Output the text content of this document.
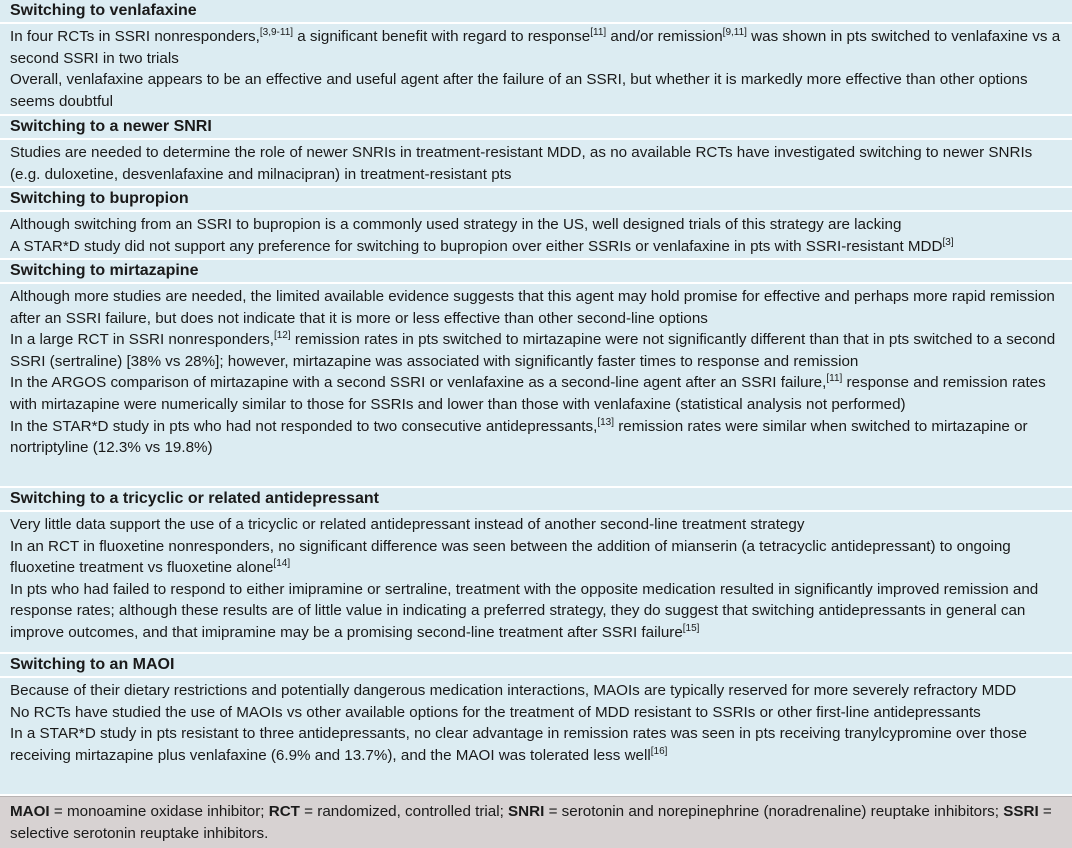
Switching to venlafaxine
In four RCTs in SSRI nonresponders,[3,9-11] a significant benefit with regard to response[11] and/or remission[9,11] was shown in pts switched to venlafaxine vs a second SSRI in two trials
Overall, venlafaxine appears to be an effective and useful agent after the failure of an SSRI, but whether it is markedly more effective than other options seems doubtful
Switching to a newer SNRI
Studies are needed to determine the role of newer SNRIs in treatment-resistant MDD, as no available RCTs have investigated switching to newer SNRIs (e.g. duloxetine, desvenlafaxine and milnacipran) in treatment-resistant pts
Switching to bupropion
Although switching from an SSRI to bupropion is a commonly used strategy in the US, well designed trials of this strategy are lacking
A STAR*D study did not support any preference for switching to bupropion over either SSRIs or venlafaxine in pts with SSRI-resistant MDD[3]
Switching to mirtazapine
Although more studies are needed, the limited available evidence suggests that this agent may hold promise for effective and perhaps more rapid remission after an SSRI failure, but does not indicate that it is more or less effective than other second-line options
In a large RCT in SSRI nonresponders,[12] remission rates in pts switched to mirtazapine were not significantly different than that in pts switched to a second SSRI (sertraline) [38% vs 28%]; however, mirtazapine was associated with significantly faster times to response and remission
In the ARGOS comparison of mirtazapine with a second SSRI or venlafaxine as a second-line agent after an SSRI failure,[11] response and remission rates with mirtazapine were numerically similar to those for SSRIs and lower than those with venlafaxine (statistical analysis not performed)
In the STAR*D study in pts who had not responded to two consecutive antidepressants,[13] remission rates were similar when switched to mirtazapine or nortriptyline (12.3% vs 19.8%)
Switching to a tricyclic or related antidepressant
Very little data support the use of a tricyclic or related antidepressant instead of another second-line treatment strategy
In an RCT in fluoxetine nonresponders, no significant difference was seen between the addition of mianserin (a tetracyclic antidepressant) to ongoing fluoxetine treatment vs fluoxetine alone[14]
In pts who had failed to respond to either imipramine or sertraline, treatment with the opposite medication resulted in significantly improved remission and response rates; although these results are of little value in indicating a preferred strategy, they do suggest that switching antidepressants in general can improve outcomes, and that imipramine may be a promising second-line treatment after SSRI failure[15]
Switching to an MAOI
Because of their dietary restrictions and potentially dangerous medication interactions, MAOIs are typically reserved for more severely refractory MDD
No RCTs have studied the use of MAOIs vs other available options for the treatment of MDD resistant to SSRIs or other first-line antidepressants
In a STAR*D study in pts resistant to three antidepressants, no clear advantage in remission rates was seen in pts receiving tranylcypromine over those receiving mirtazapine plus venlafaxine (6.9% and 13.7%), and the MAOI was tolerated less well[16]
MAOI = monoamine oxidase inhibitor; RCT = randomized, controlled trial; SNRI = serotonin and norepinephrine (noradrenaline) reuptake inhibitors; SSRI = selective serotonin reuptake inhibitors.
